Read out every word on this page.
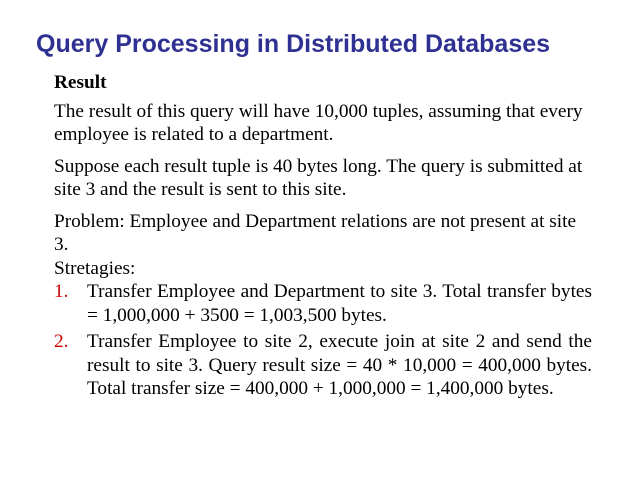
Query Processing in Distributed Databases

Result

The result of this query will have 10,000 tuples, assuming that every employee is related to a department.

Suppose each result tuple is 40 bytes long. The query is submitted at site 3 and the result is sent to this site.

Problem: Employee and Department relations are not present at site 3.

Stretagies:

1. Transfer Employee and Department to site 3. Total transfer bytes = 1,000,000 + 3500 = 1,003,500 bytes.
2. Transfer Employee to site 2, execute join at site 2 and send the result to site 3. Query result size = 40 * 10,000 = 400,000 bytes. Total transfer size = 400,000 + 1,000,000 = 1,400,000 bytes.
